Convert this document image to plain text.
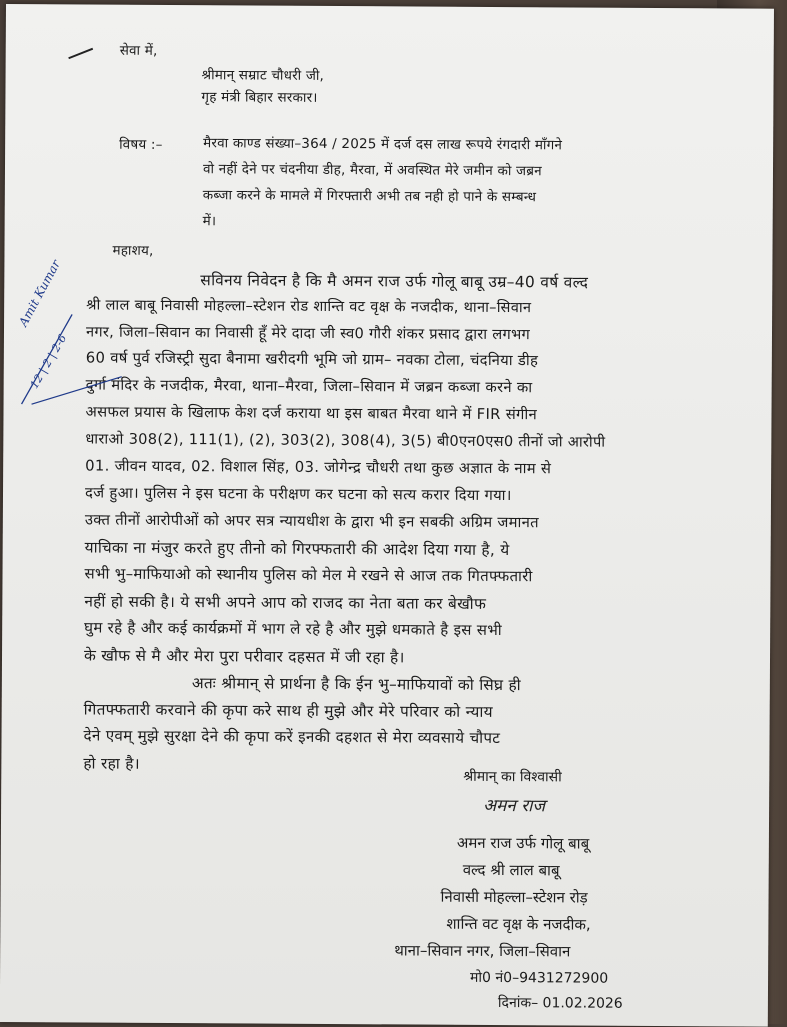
सेवा में,
श्रीमान् सम्राट चौधरी जी,
गृह मंत्री बिहार सरकार।
विषय :–	मैरवा काण्ड संख्या–364 / 2025 में दर्ज दस लाख रूपये रंगदारी माँगने
वो नहीं देने पर चंदनीया डीह, मैरवा, में अवस्थित मेरे जमीन को जब्रन
कब्जा करने के मामले में गिरफ्तारी अभी तब नही हो पाने के सम्बन्ध
में।
महाशय,
सविनय निवेदन है कि मै अमन राज उर्फ गोलू बाबू उम्र–40 वर्ष वल्द
श्री लाल बाबू निवासी मोहल्ला–स्टेशन रोड शान्ति वट वृक्ष के नजदीक, थाना–सिवान
नगर, जिला–सिवान का निवासी हूँ मेरे दादा जी स्व0 गौरी शंकर प्रसाद द्वारा लगभग
60 वर्ष पुर्व रजिस्ट्री सुदा बैनामा खरीदगी भूमि जो ग्राम– नवका टोला, चंदनिया डीह
दुर्गा मंदिर के नजदीक, मैरवा, थाना–मैरवा, जिला–सिवान में जब्रन कब्जा करने का
असफल प्रयास के खिलाफ केश दर्ज कराया था इस बाबत मैरवा थाने में FIR संगीन
धाराओ 308(2), 111(1), (2), 303(2), 308(4), 3(5) बी0एन0एस0 तीनों जो आरोपी
01. जीवन यादव, 02. विशाल सिंह, 03. जोगेन्द्र चौधरी तथा कुछ अज्ञात के नाम से
दर्ज हुआ। पुलिस ने इस घटना के परीक्षण कर घटना को सत्य करार दिया गया।
उक्त तीनों आरोपीओं को अपर सत्र न्यायधीश के द्वारा भी इन सबकी अग्रिम जमानत
याचिका ना मंजुर करते हुए तीनो को गिरफ्फतारी की आदेश दिया गया है, ये
सभी भु–माफियाओ को स्थानीय पुलिस को मेल मे रखने से आज तक गितफ्फतारी
नहीं हो सकी है। ये सभी अपने आप को राजद का नेता बता कर बेखौफ
घुम रहे है और कई कार्यक्रमों में भाग ले रहे है और मुझे धमकाते है इस सभी
के खौफ से मै और मेरा पुरा परीवार दहसत में जी रहा है।
अतः श्रीमान् से प्रार्थना है कि ईन भु–माफियावों को सिघ्र ही
गितफ्फतारी करवाने की कृपा करे साथ ही मुझे और मेरे परिवार को न्याय
देने एवम् मुझे सुरक्षा देने की कृपा करें इनकी दहशत से मेरा व्यवसाये चौपट
हो रहा है।
श्रीमान् का विश्वासी
अमन राज
अमन राज उर्फ गोलू बाबू
वल्द श्री लाल बाबू
निवासी मोहल्ला–स्टेशन रोड़
शान्ति वट वृक्ष के नजदीक,
थाना–सिवान नगर, जिला–सिवान
मो0 नं0–9431272900
दिनांक– 01.02.2026
Amit Kumar
12 | 2 | 2-6
